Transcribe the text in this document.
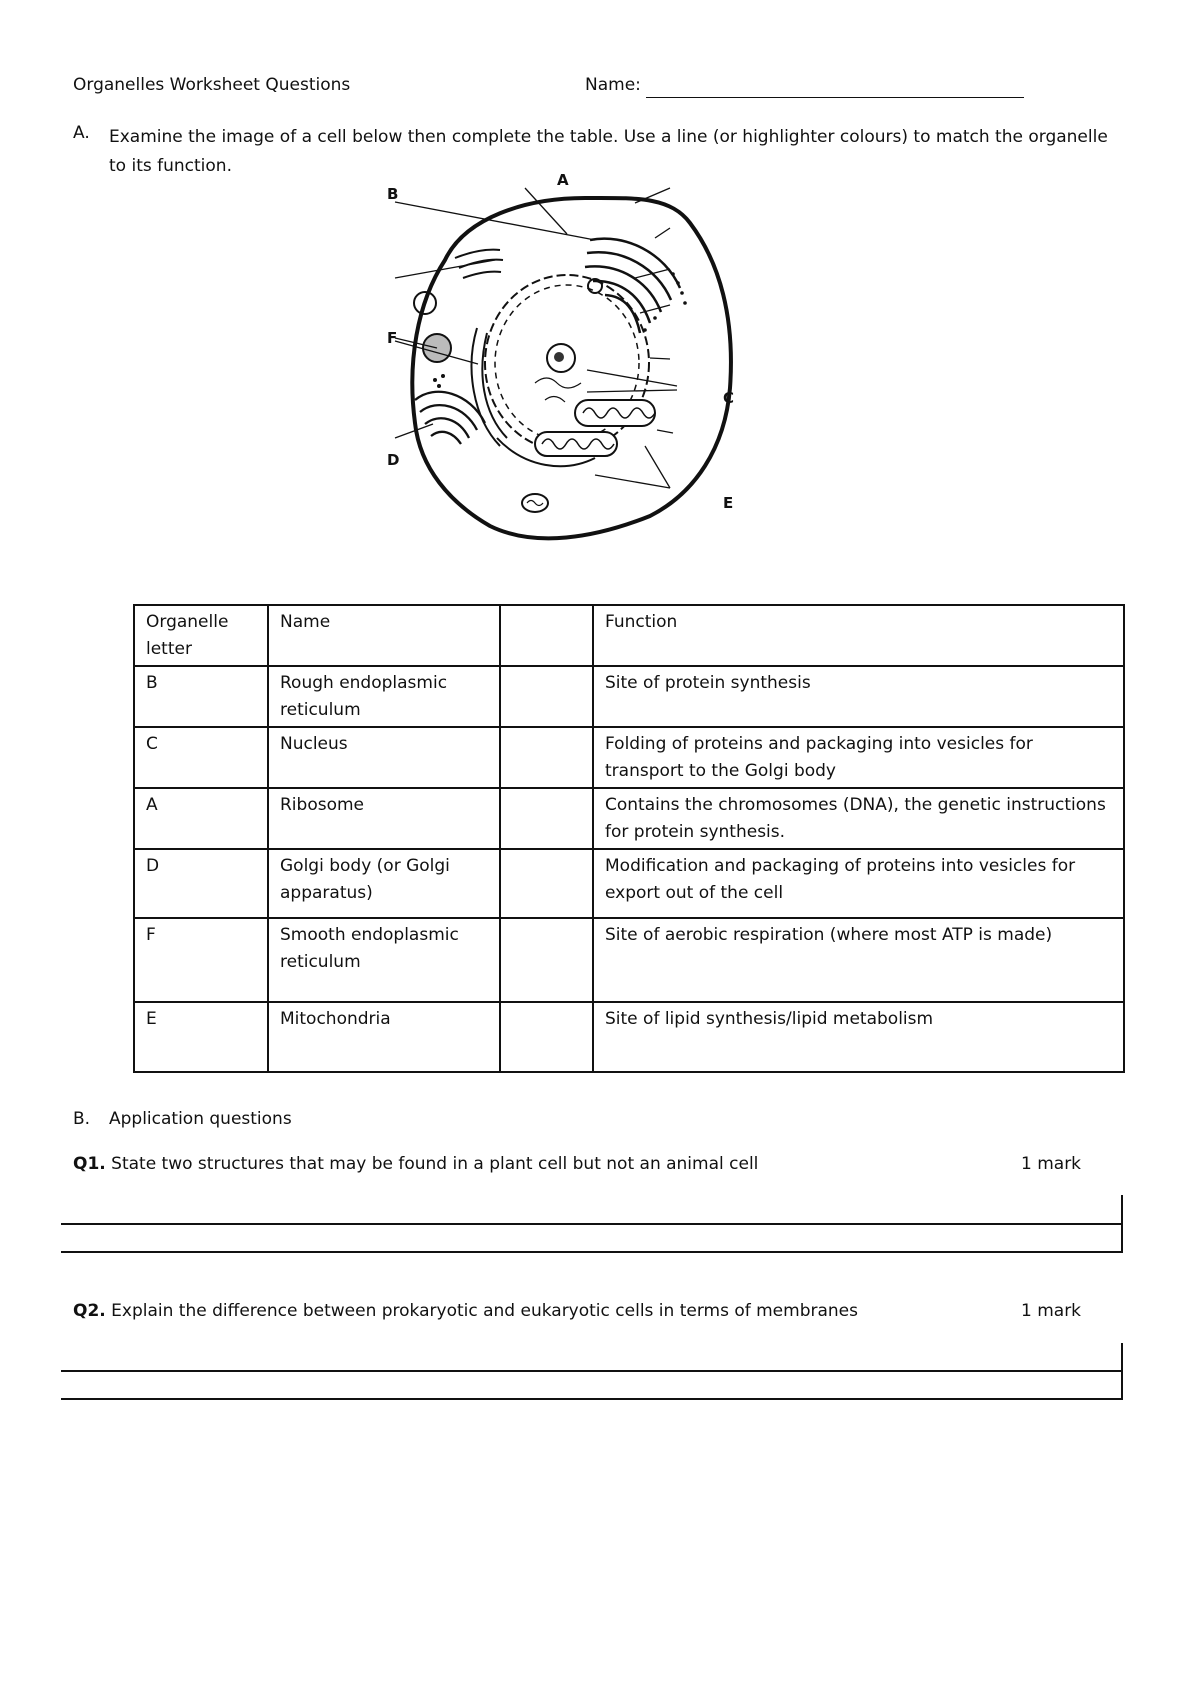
Organelles Worksheet Questions	Name:
A. Examine the image of a cell below then complete the table. Use a line (or highlighter colours) to match the organelle to its function.
A
B
C
D
E
F
Organelle letter	Name		Function
B	Rough endoplasmic reticulum		Site of protein synthesis
C	Nucleus		Folding of proteins and packaging into vesicles for transport to the Golgi body
A	Ribosome		Contains the chromosomes (DNA), the genetic instructions for protein synthesis.
D	Golgi body (or Golgi apparatus)		Modification and packaging of proteins into vesicles for export out of the cell
F	Smooth endoplasmic reticulum		Site of aerobic respiration (where most ATP is made)
E	Mitochondria		Site of lipid synthesis/lipid metabolism
B. Application questions
Q1. State two structures that may be found in a plant cell but not an animal cell	1 mark
Q2. Explain the difference between prokaryotic and eukaryotic cells in terms of membranes	1 mark
